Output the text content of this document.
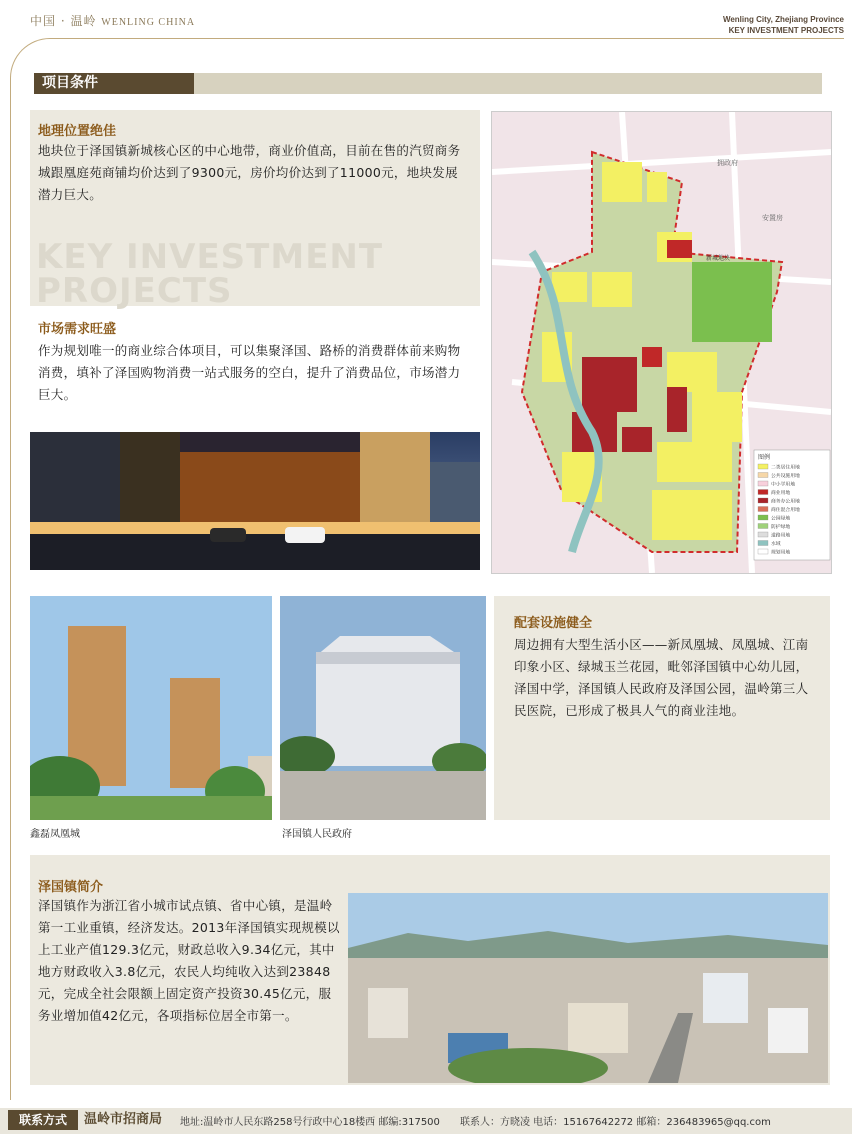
中国 · 温岭 WENLING CHINA	Wenling City, Zhejiang Province
KEY INVESTMENT PROJECTS
项目条件
地理位置绝佳
地块位于泽国镇新城核心区的中心地带，商业价值高，目前在售的汽贸商务城跟凰庭苑商铺均价达到了9300元，房价均价达到了11000元，地块发展潜力巨大。
KEY INVESTMENT
PROJECTS
市场需求旺盛
作为规划唯一的商业综合体项目，可以集聚泽国、路桥的消费群体前来购物消费，填补了泽国购物消费一站式服务的空白，提升了消费品位，市场潜力巨大。
拥政府
安置房
新城地块
图例
二类居住用地
公共设施用地
中小学用地
商业用地
商务办公用地
商住混合用地
公园绿地
防护绿地
道路用地
水域
规划用地
鑫磊凤凰城	泽国镇人民政府
配套设施健全
周边拥有大型生活小区——新凤凰城、凤凰城、江南印象小区、绿城玉兰花园，毗邻泽国镇中心幼儿园，泽国中学，泽国镇人民政府及泽国公园，温岭第三人民医院，已形成了极具人气的商业洼地。
泽国镇简介
泽国镇作为浙江省小城市试点镇、省中心镇，是温岭第一工业重镇，经济发达。2013年泽国镇实现规模以上工业产值129.3亿元，财政总收入9.34亿元，其中地方财政收入3.8亿元，农民人均纯收入达到23848元，完成全社会限额上固定资产投资30.45亿元，服务业增加值42亿元，各项指标位居全市第一。
联系方式	温岭市招商局 地址:温岭市人民东路258号行政中心18楼西 邮编:317500 联系人：方晓凌 电话：15167642272 邮箱：236483965@qq.com
